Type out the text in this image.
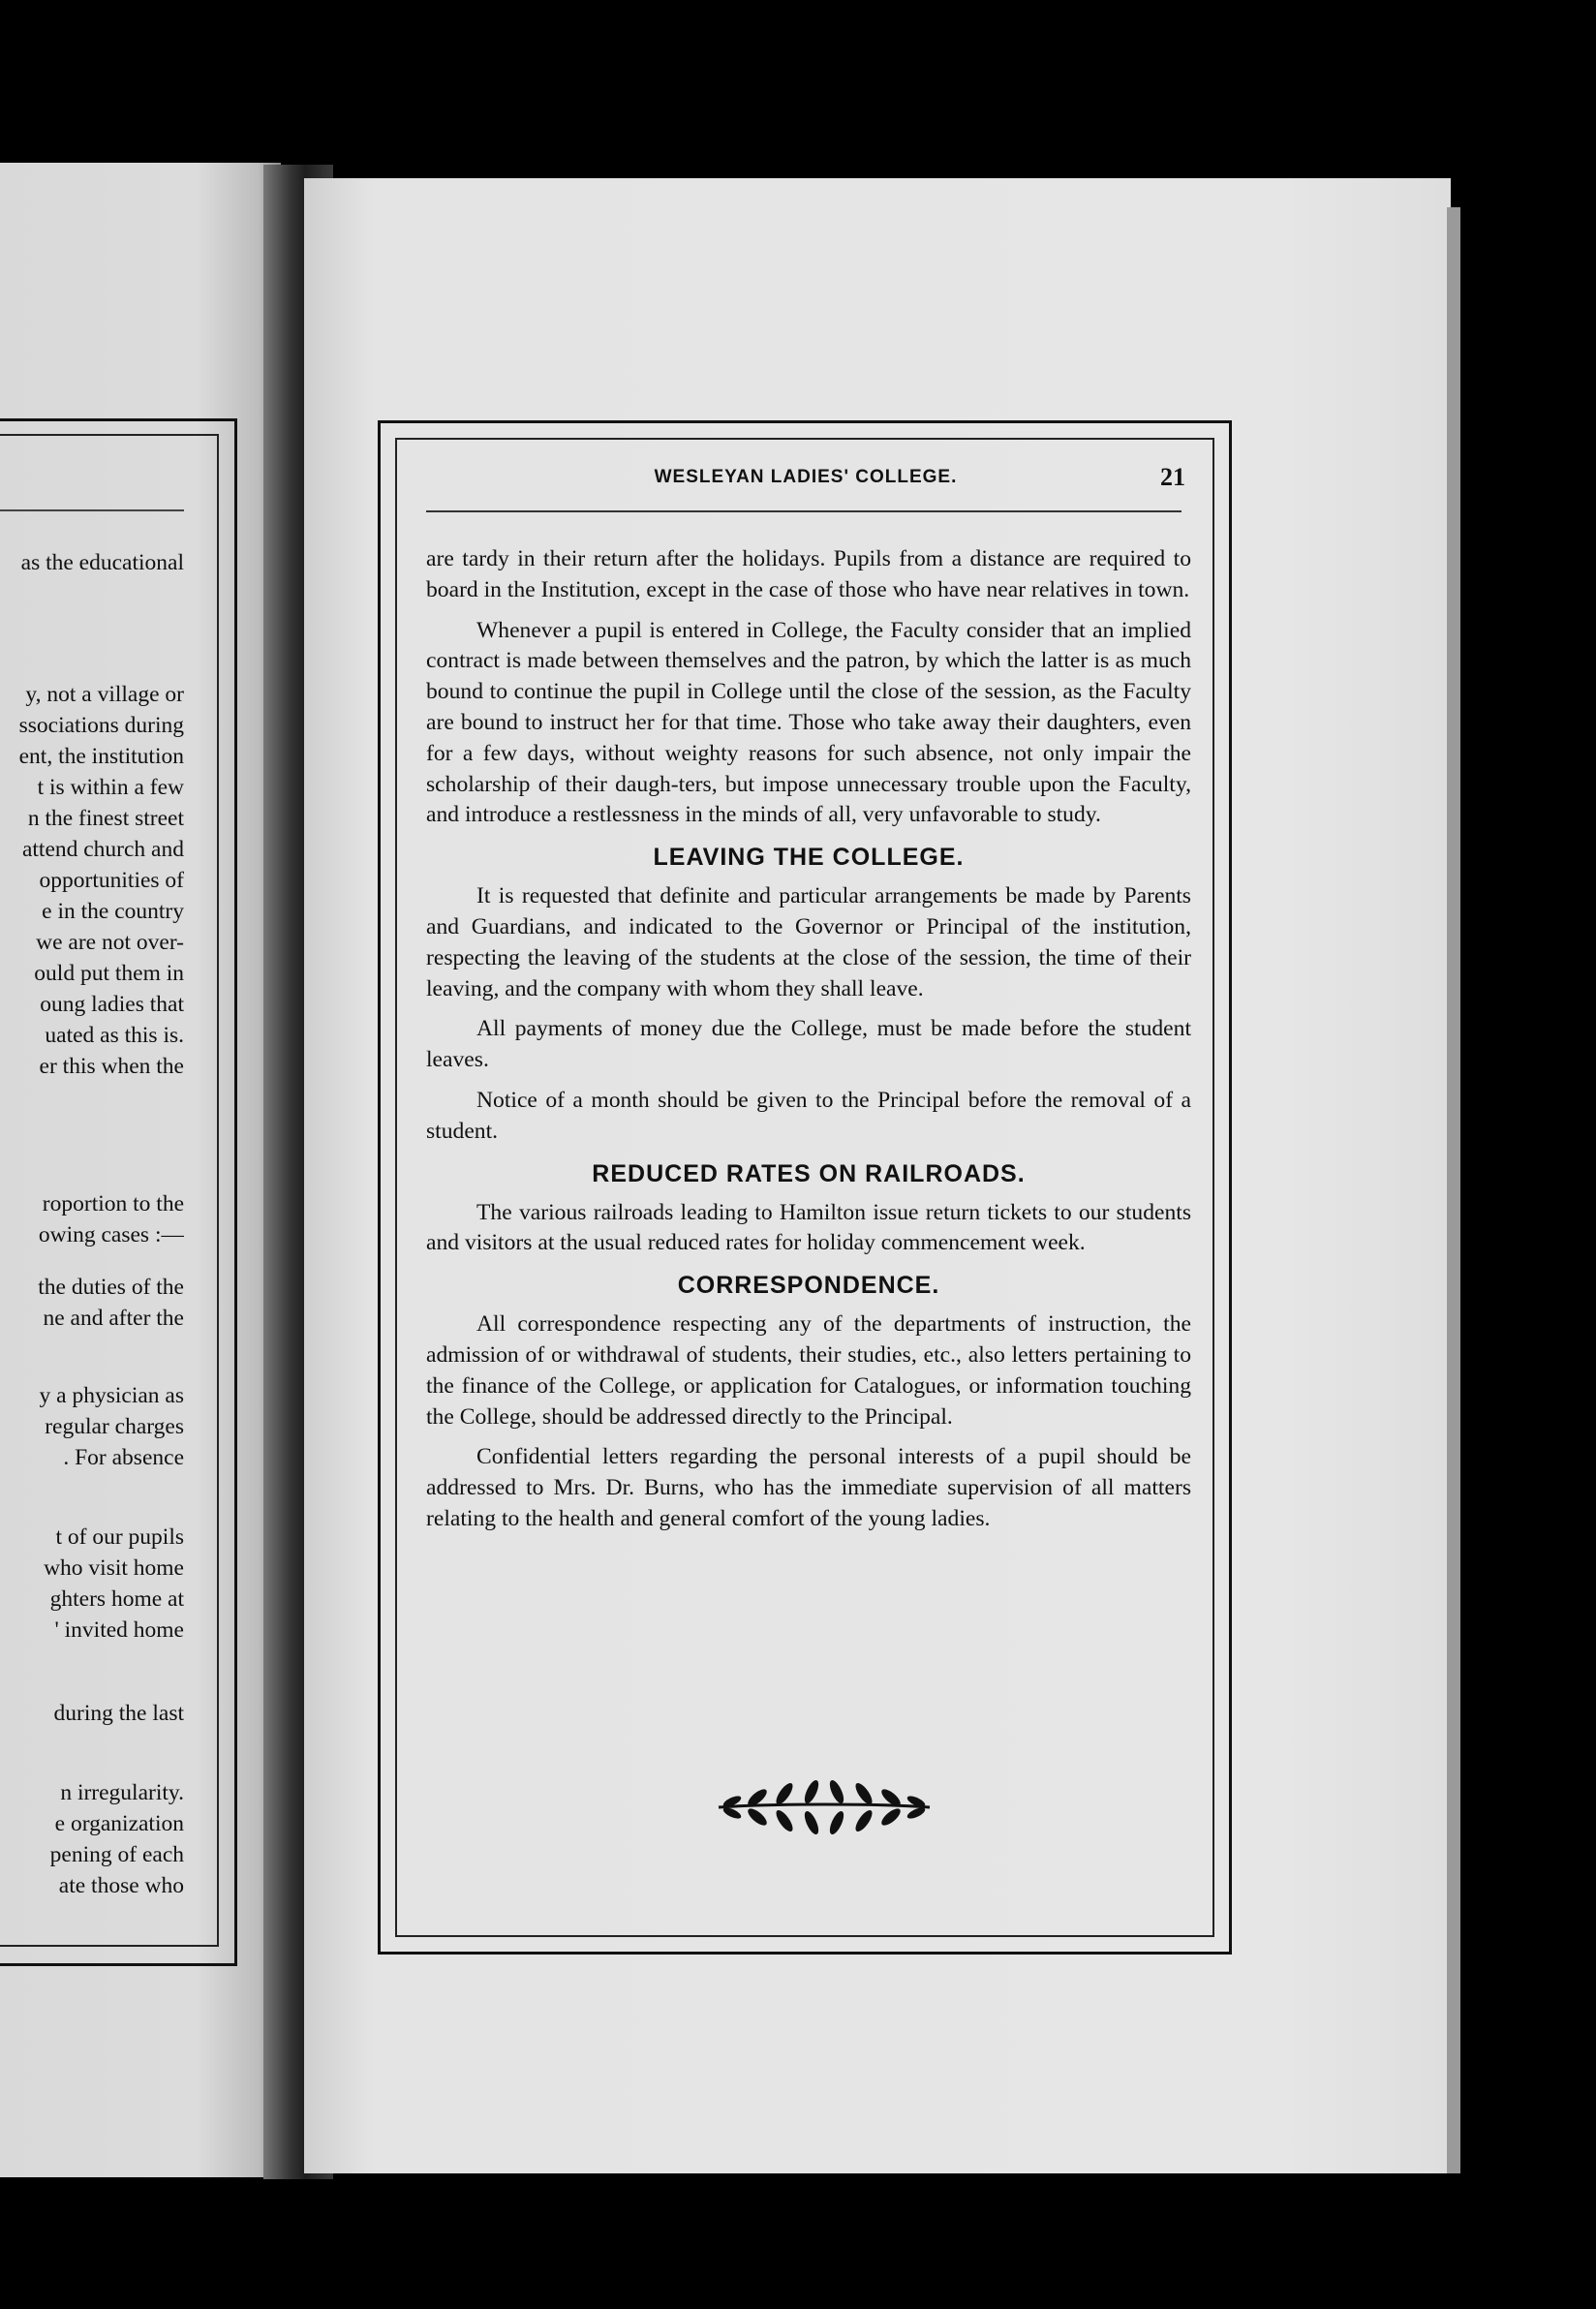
as the educational
y, not a village or
ssociations during
ent, the institution
t is within a few
n the finest street
attend church and
opportunities of
e in the country
we are not over-
ould put them in
oung ladies that
uated as this is.
er this when the
roportion to the
owing cases :—
the duties of the
ne and after the
y a physician as
regular charges
. For absence
t of our pupils
who visit home
ghters home at
' invited home
during the last
n irregularity.
e organization
pening of each
ate those who
WESLEYAN LADIES' COLLEGE.	21

are tardy in their return after the holidays. Pupils from a distance are required to board in the Institution, except in the case of those who have near relatives in town.

Whenever a pupil is entered in College, the Faculty consider that an implied contract is made between themselves and the patron, by which the latter is as much bound to continue the pupil in College until the close of the session, as the Faculty are bound to instruct her for that time. Those who take away their daughters, even for a few days, without weighty reasons for such absence, not only impair the scholarship of their daugh-ters, but impose unnecessary trouble upon the Faculty, and introduce a restlessness in the minds of all, very unfavorable to study.

LEAVING THE COLLEGE.

It is requested that definite and particular arrangements be made by Parents and Guardians, and indicated to the Governor or Principal of the institution, respecting the leaving of the students at the close of the session, the time of their leaving, and the company with whom they shall leave.

All payments of money due the College, must be made before the student leaves.

Notice of a month should be given to the Principal before the removal of a student.

REDUCED RATES ON RAILROADS.

The various railroads leading to Hamilton issue return tickets to our students and visitors at the usual reduced rates for holiday commencement week.

CORRESPONDENCE.

All correspondence respecting any of the departments of instruction, the admission of or withdrawal of students, their studies, etc., also letters pertaining to the finance of the College, or application for Catalogues, or information touching the College, should be addressed directly to the Principal.

Confidential letters regarding the personal interests of a pupil should be addressed to Mrs. Dr. Burns, who has the immediate supervision of all matters relating to the health and general comfort of the young ladies.
